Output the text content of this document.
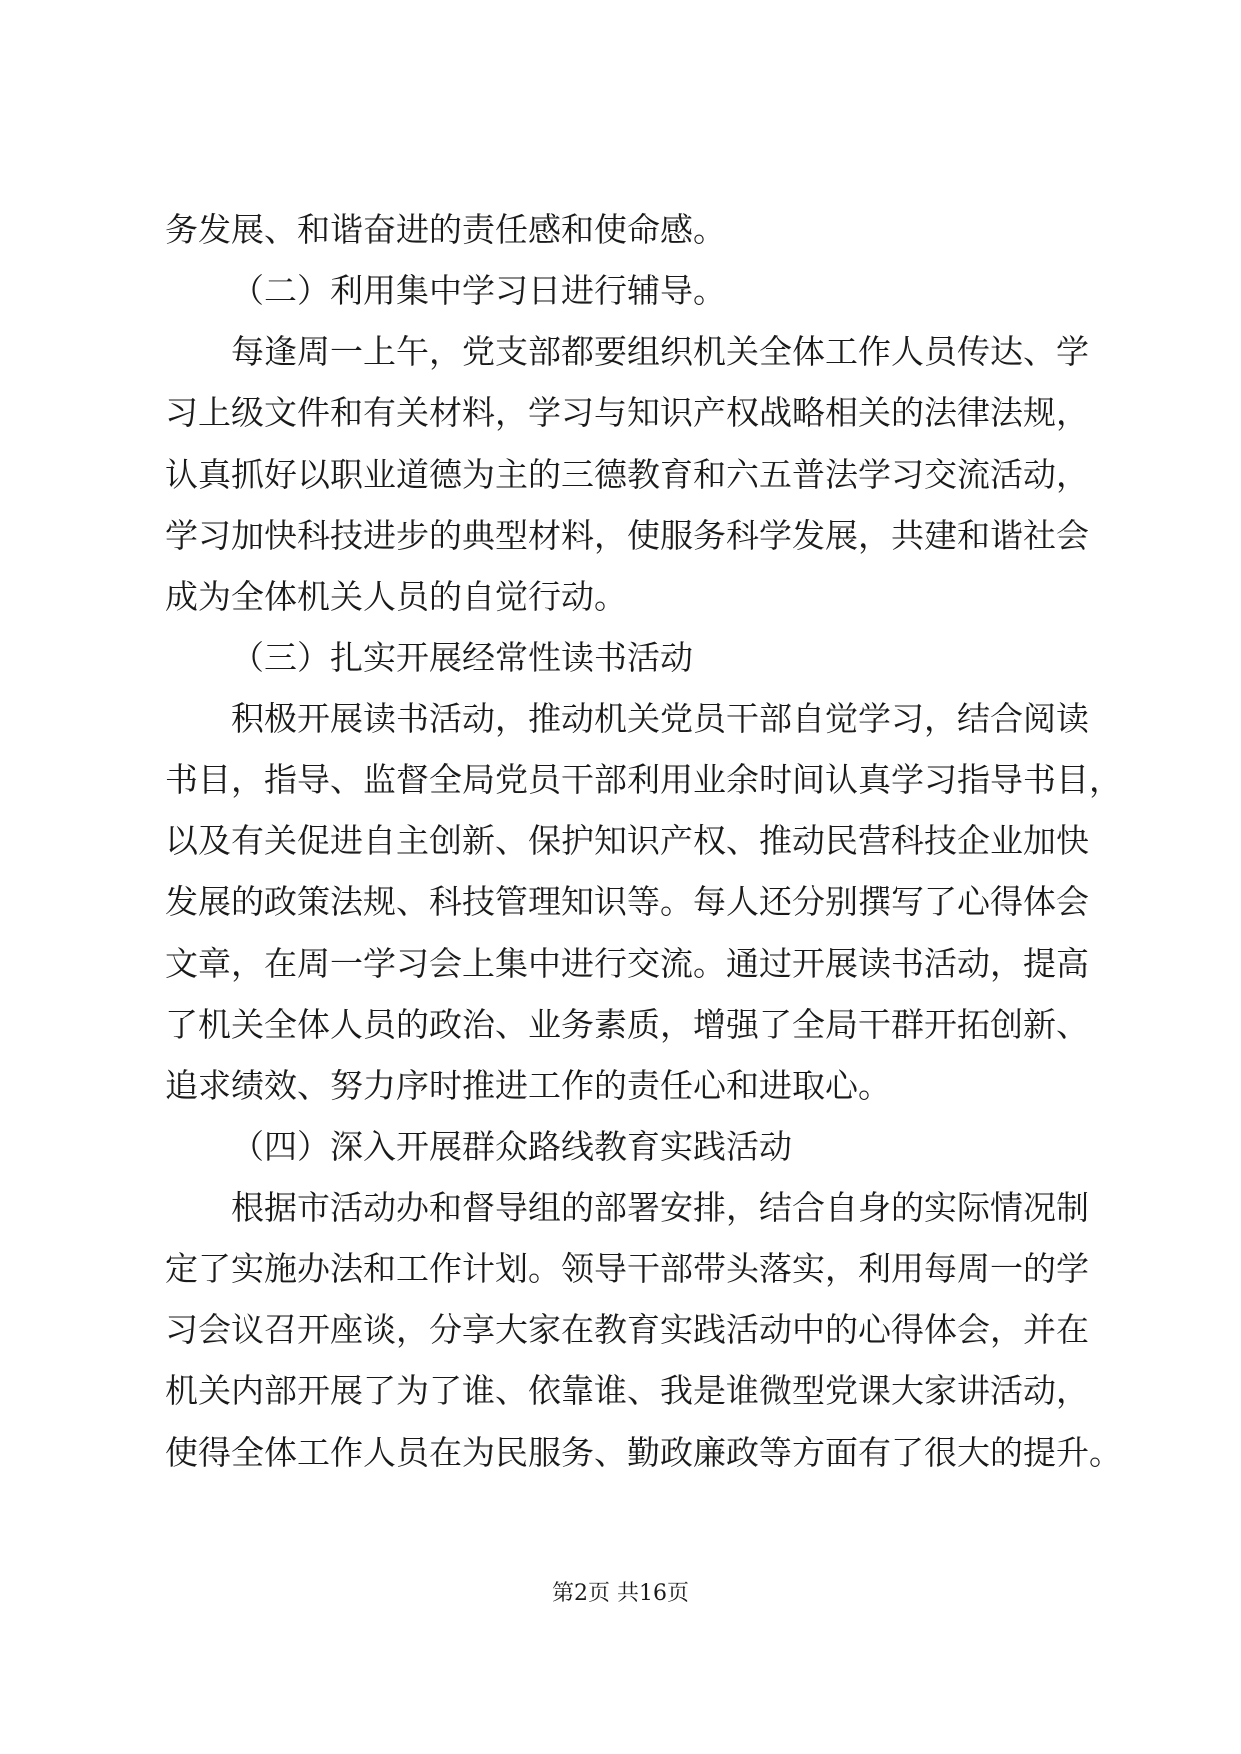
务发展、和谐奋进的责任感和使命感。
（二）利用集中学习日进行辅导。
每逢周一上午，党支部都要组织机关全体工作人员传达、学
习上级文件和有关材料，学习与知识产权战略相关的法律法规，
认真抓好以职业道德为主的三德教育和六五普法学习交流活动，
学习加快科技进步的典型材料，使服务科学发展，共建和谐社会
成为全体机关人员的自觉行动。
（三）扎实开展经常性读书活动
积极开展读书活动，推动机关党员干部自觉学习，结合阅读
书目，指导、监督全局党员干部利用业余时间认真学习指导书目，
以及有关促进自主创新、保护知识产权、推动民营科技企业加快
发展的政策法规、科技管理知识等。每人还分别撰写了心得体会
文章，在周一学习会上集中进行交流。通过开展读书活动，提高
了机关全体人员的政治、业务素质，增强了全局干群开拓创新、
追求绩效、努力序时推进工作的责任心和进取心。
（四）深入开展群众路线教育实践活动
根据市活动办和督导组的部署安排，结合自身的实际情况制
定了实施办法和工作计划。领导干部带头落实，利用每周一的学
习会议召开座谈，分享大家在教育实践活动中的心得体会，并在
机关内部开展了为了谁、依靠谁、我是谁微型党课大家讲活动，
使得全体工作人员在为民服务、勤政廉政等方面有了很大的提升。
第2页 共16页
